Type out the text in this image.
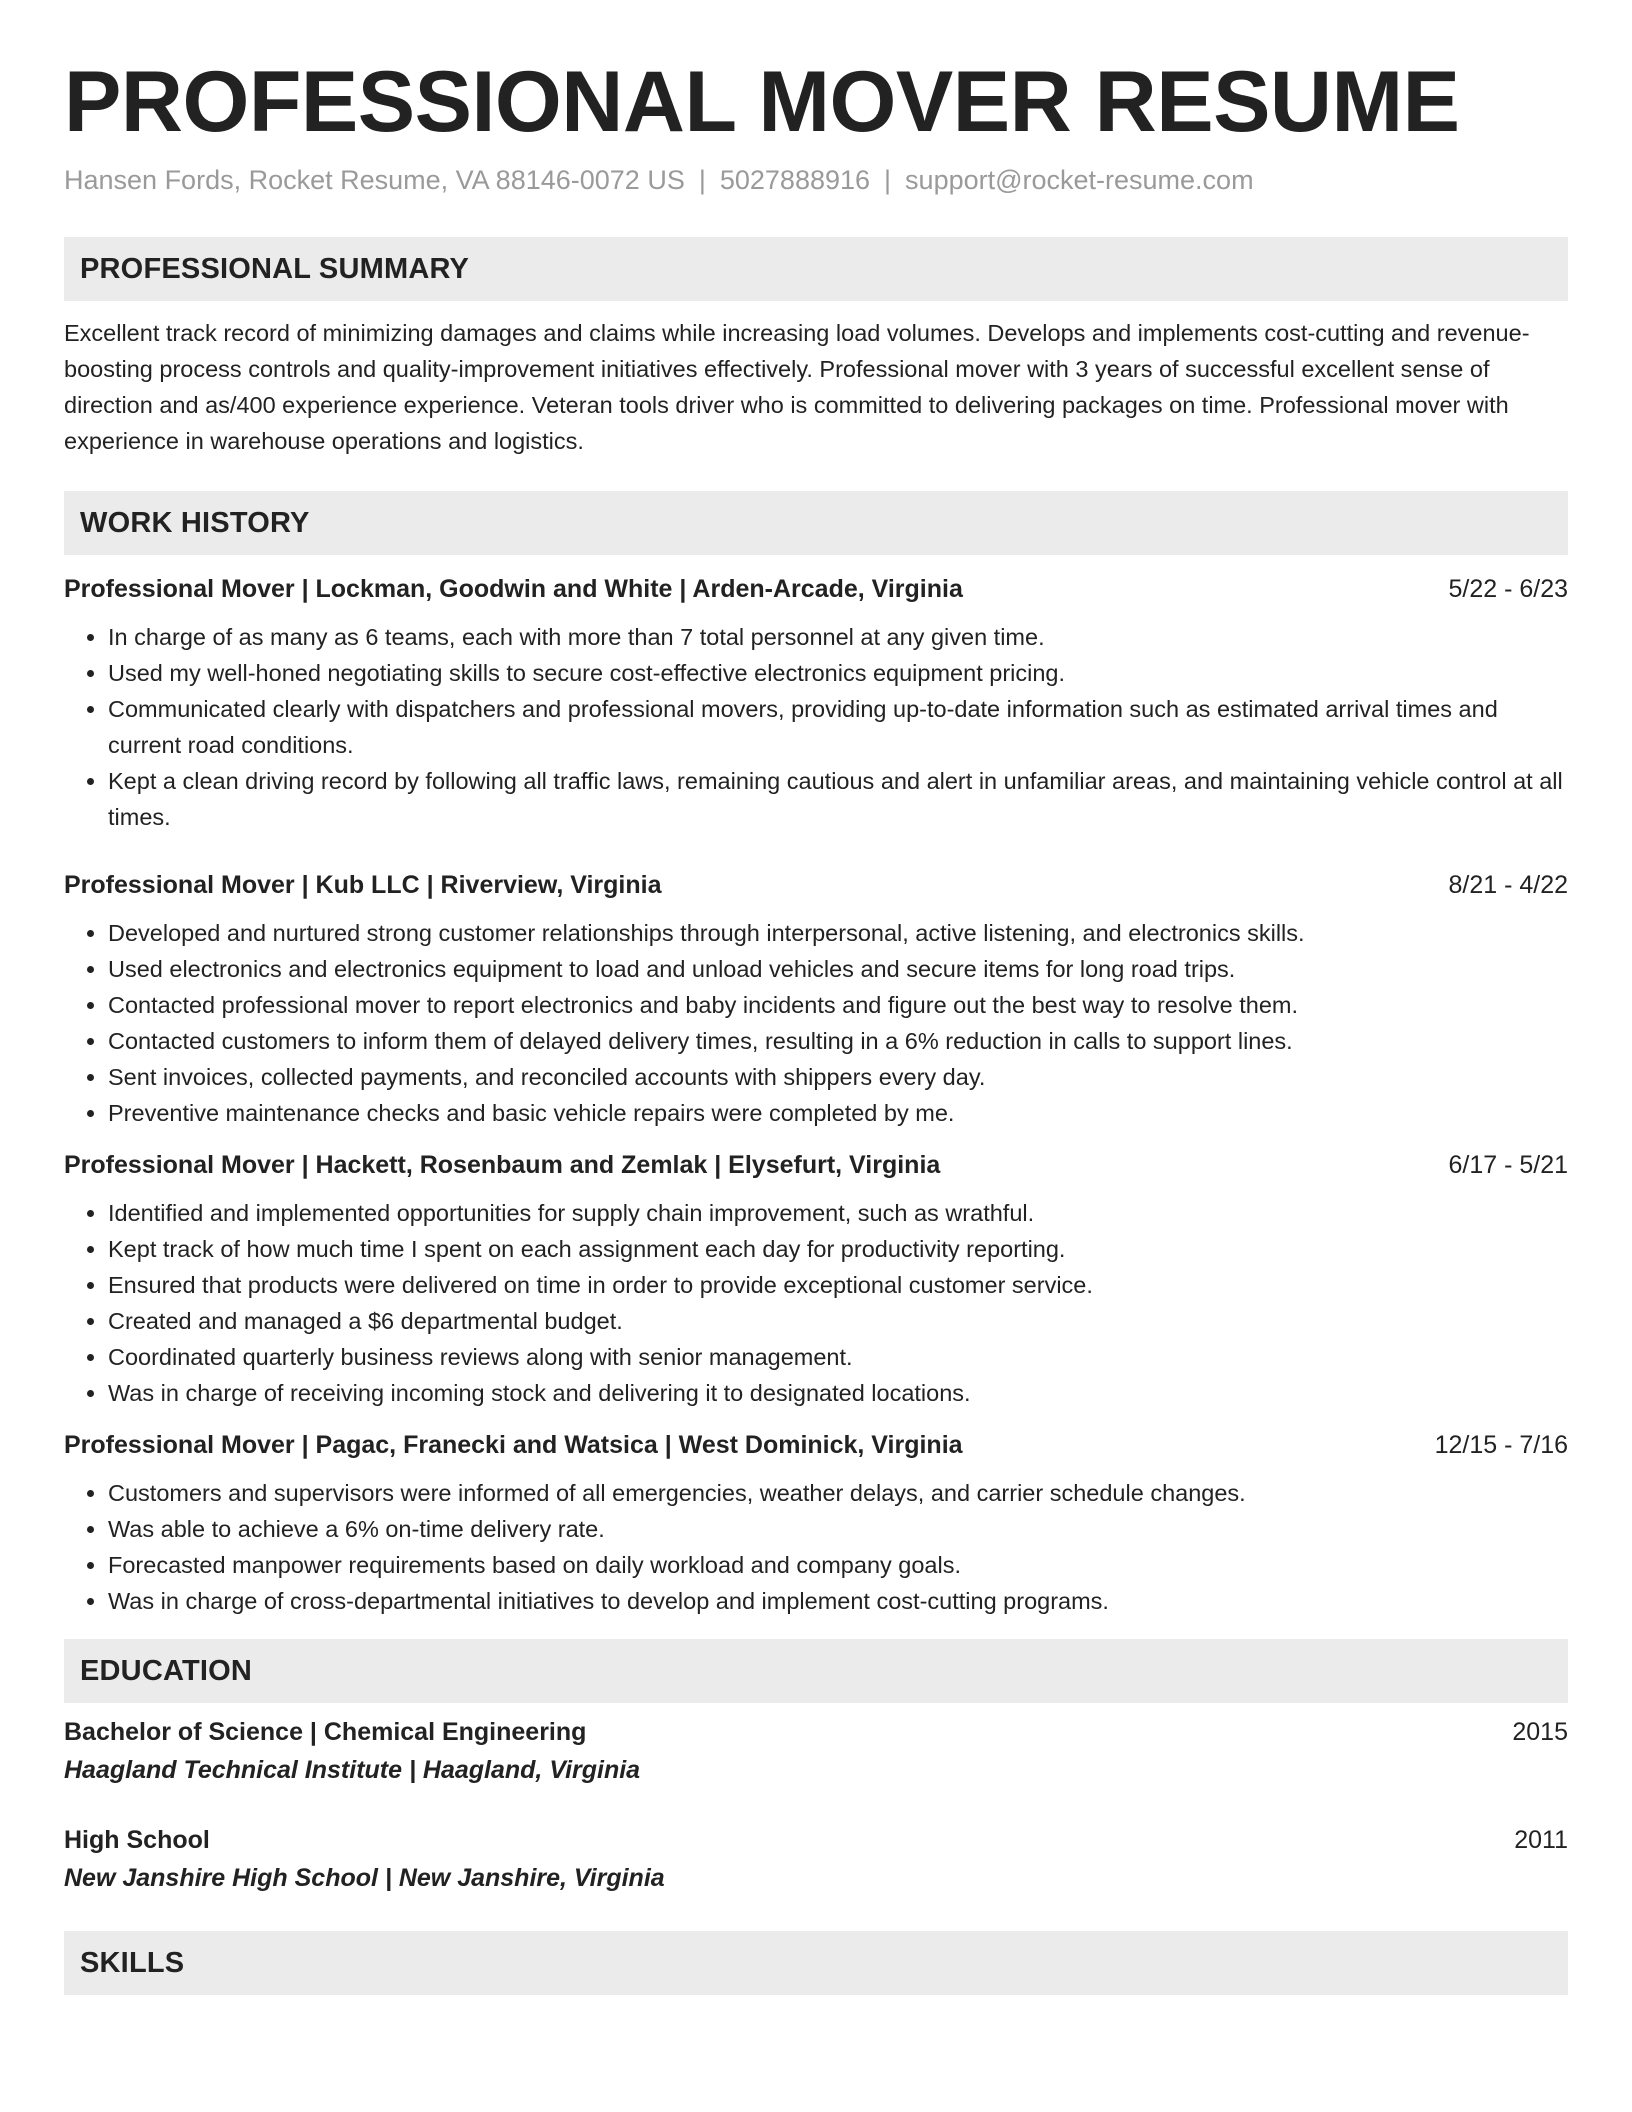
PROFESSIONAL MOVER RESUME
Hansen Fords, Rocket Resume, VA 88146-0072 US | 5027888916 | support@rocket-resume.com
PROFESSIONAL SUMMARY

Excellent track record of minimizing damages and claims while increasing load volumes. Develops and implements cost-cutting and revenue-boosting process controls and quality-improvement initiatives effectively. Professional mover with 3 years of successful excellent sense of direction and as/400 experience experience. Veteran tools driver who is committed to delivering packages on time. Professional mover with experience in warehouse operations and logistics.

WORK HISTORY
Professional Mover | Lockman, Goodwin and White | Arden-Arcade, Virginia	5/22 - 6/23
• In charge of as many as 6 teams, each with more than 7 total personnel at any given time.
• Used my well-honed negotiating skills to secure cost-effective electronics equipment pricing.
• Communicated clearly with dispatchers and professional movers, providing up-to-date information such as estimated arrival times and current road conditions.
• Kept a clean driving record by following all traffic laws, remaining cautious and alert in unfamiliar areas, and maintaining vehicle control at all times.
Professional Mover | Kub LLC | Riverview, Virginia	8/21 - 4/22
• Developed and nurtured strong customer relationships through interpersonal, active listening, and electronics skills.
• Used electronics and electronics equipment to load and unload vehicles and secure items for long road trips.
• Contacted professional mover to report electronics and baby incidents and figure out the best way to resolve them.
• Contacted customers to inform them of delayed delivery times, resulting in a 6% reduction in calls to support lines.
• Sent invoices, collected payments, and reconciled accounts with shippers every day.
• Preventive maintenance checks and basic vehicle repairs were completed by me.
Professional Mover | Hackett, Rosenbaum and Zemlak | Elysefurt, Virginia	6/17 - 5/21
• Identified and implemented opportunities for supply chain improvement, such as wrathful.
• Kept track of how much time I spent on each assignment each day for productivity reporting.
• Ensured that products were delivered on time in order to provide exceptional customer service.
• Created and managed a $6 departmental budget.
• Coordinated quarterly business reviews along with senior management.
• Was in charge of receiving incoming stock and delivering it to designated locations.
Professional Mover | Pagac, Franecki and Watsica | West Dominick, Virginia	12/15 - 7/16
• Customers and supervisors were informed of all emergencies, weather delays, and carrier schedule changes.
• Was able to achieve a 6% on-time delivery rate.
• Forecasted manpower requirements based on daily workload and company goals.
• Was in charge of cross-departmental initiatives to develop and implement cost-cutting programs.
EDUCATION
Bachelor of Science | Chemical Engineering	2015
Haagland Technical Institute | Haagland, Virginia
High School	2011
New Janshire High School | New Janshire, Virginia
SKILLS
